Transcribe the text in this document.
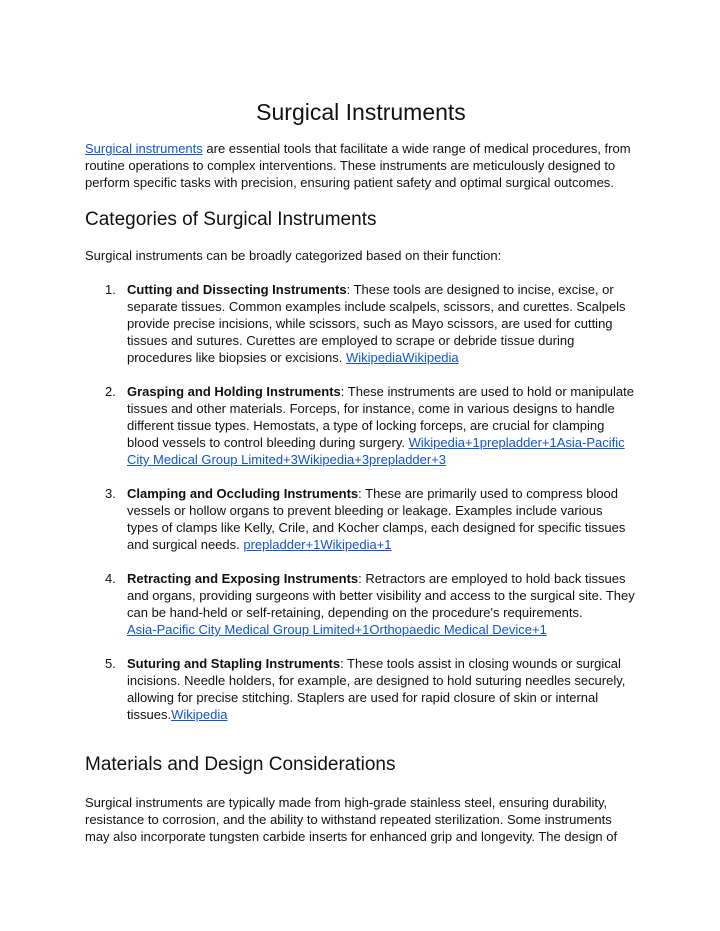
Surgical Instruments

Surgical instruments are essential tools that facilitate a wide range of medical procedures, from routine operations to complex interventions. These instruments are meticulously designed to perform specific tasks with precision, ensuring patient safety and optimal surgical outcomes.

Categories of Surgical Instruments

Surgical instruments can be broadly categorized based on their function:

1. Cutting and Dissecting Instruments: These tools are designed to incise, excise, or separate tissues. Common examples include scalpels, scissors, and curettes. Scalpels provide precise incisions, while scissors, such as Mayo scissors, are used for cutting tissues and sutures. Curettes are employed to scrape or debride tissue during procedures like biopsies or excisions. WikipediaWikipedia
2. Grasping and Holding Instruments: These instruments are used to hold or manipulate tissues and other materials. Forceps, for instance, come in various designs to handle different tissue types. Hemostats, a type of locking forceps, are crucial for clamping blood vessels to control bleeding during surgery. Wikipedia+1prepladder+1Asia-Pacific City Medical Group Limited+3Wikipedia+3prepladder+3
3. Clamping and Occluding Instruments: These are primarily used to compress blood vessels or hollow organs to prevent bleeding or leakage. Examples include various types of clamps like Kelly, Crile, and Kocher clamps, each designed for specific tissues and surgical needs. prepladder+1Wikipedia+1
4. Retracting and Exposing Instruments: Retractors are employed to hold back tissues and organs, providing surgeons with better visibility and access to the surgical site. They can be hand-held or self-retaining, depending on the procedure's requirements.
Asia-Pacific City Medical Group Limited+1Orthopaedic Medical Device+1
5. Suturing and Stapling Instruments: These tools assist in closing wounds or surgical incisions. Needle holders, for example, are designed to hold suturing needles securely, allowing for precise stitching. Staplers are used for rapid closure of skin or internal tissues.Wikipedia
Materials and Design Considerations

Surgical instruments are typically made from high-grade stainless steel, ensuring durability, resistance to corrosion, and the ability to withstand repeated sterilization. Some instruments may also incorporate tungsten carbide inserts for enhanced grip and longevity. The design of
